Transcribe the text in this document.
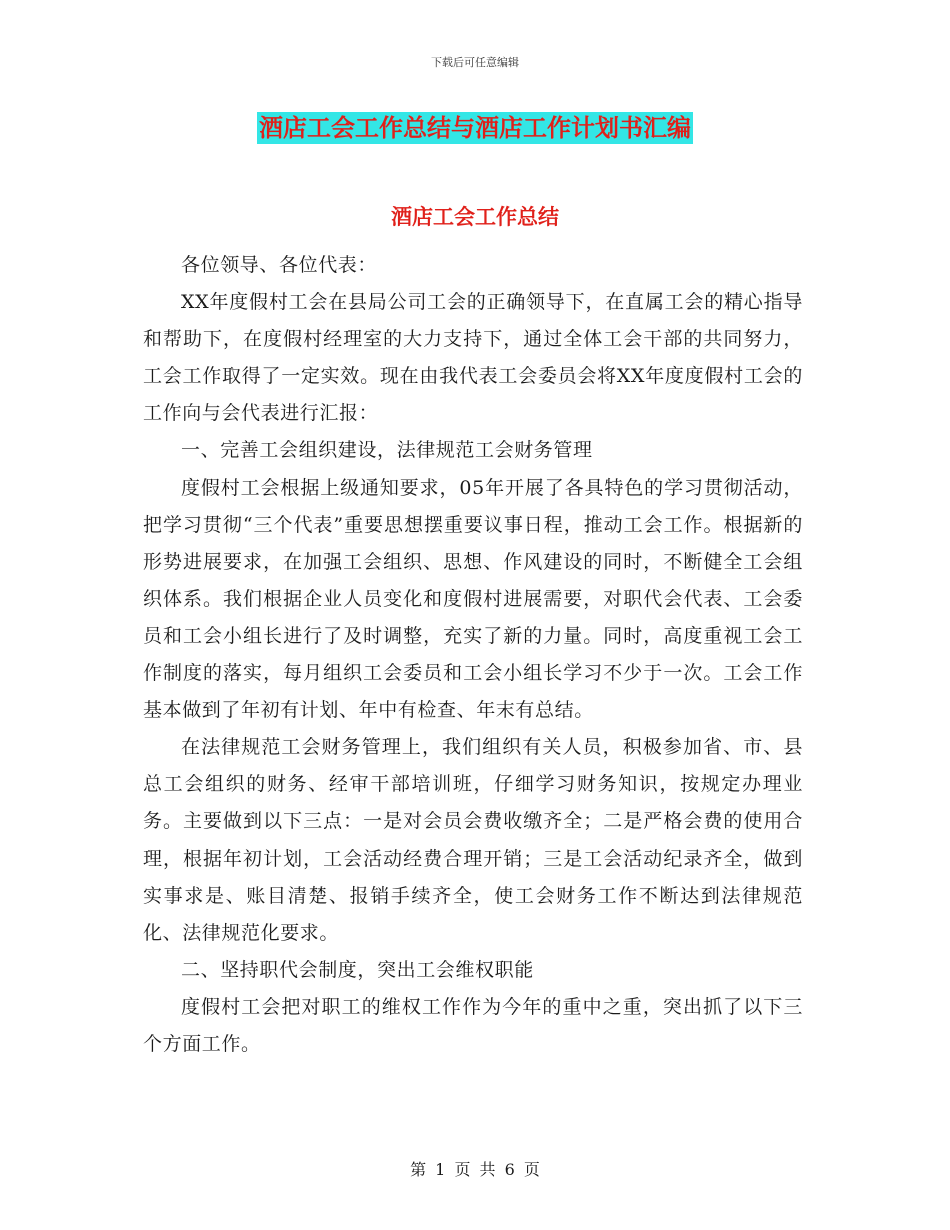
下载后可任意编辑
酒店工会工作总结与酒店工作计划书汇编
酒店工会工作总结

各位领导、各位代表：

XX年度假村工会在县局公司工会的正确领导下，在直属工会的精心指导和帮助下，在度假村经理室的大力支持下，通过全体工会干部的共同努力，工会工作取得了一定实效。现在由我代表工会委员会将XX年度度假村工会的工作向与会代表进行汇报：

一、完善工会组织建设，法律规范工会财务管理

度假村工会根据上级通知要求，05年开展了各具特色的学习贯彻活动，把学习贯彻“三个代表”重要思想摆重要议事日程，推动工会工作。根据新的形势进展要求，在加强工会组织、思想、作风建设的同时，不断健全工会组织体系。我们根据企业人员变化和度假村进展需要，对职代会代表、工会委员和工会小组长进行了及时调整，充实了新的力量。同时，高度重视工会工作制度的落实，每月组织工会委员和工会小组长学习不少于一次。工会工作基本做到了年初有计划、年中有检查、年末有总结。

在法律规范工会财务管理上，我们组织有关人员，积极参加省、市、县总工会组织的财务、经审干部培训班，仔细学习财务知识，按规定办理业务。主要做到以下三点：一是对会员会费收缴齐全；二是严格会费的使用合理，根据年初计划，工会活动经费合理开销；三是工会活动纪录齐全，做到实事求是、账目清楚、报销手续齐全，使工会财务工作不断达到法律规范化、法律规范化要求。

二、坚持职代会制度，突出工会维权职能

度假村工会把对职工的维权工作作为今年的重中之重，突出抓了以下三个方面工作。

第 1 页 共 6 页
